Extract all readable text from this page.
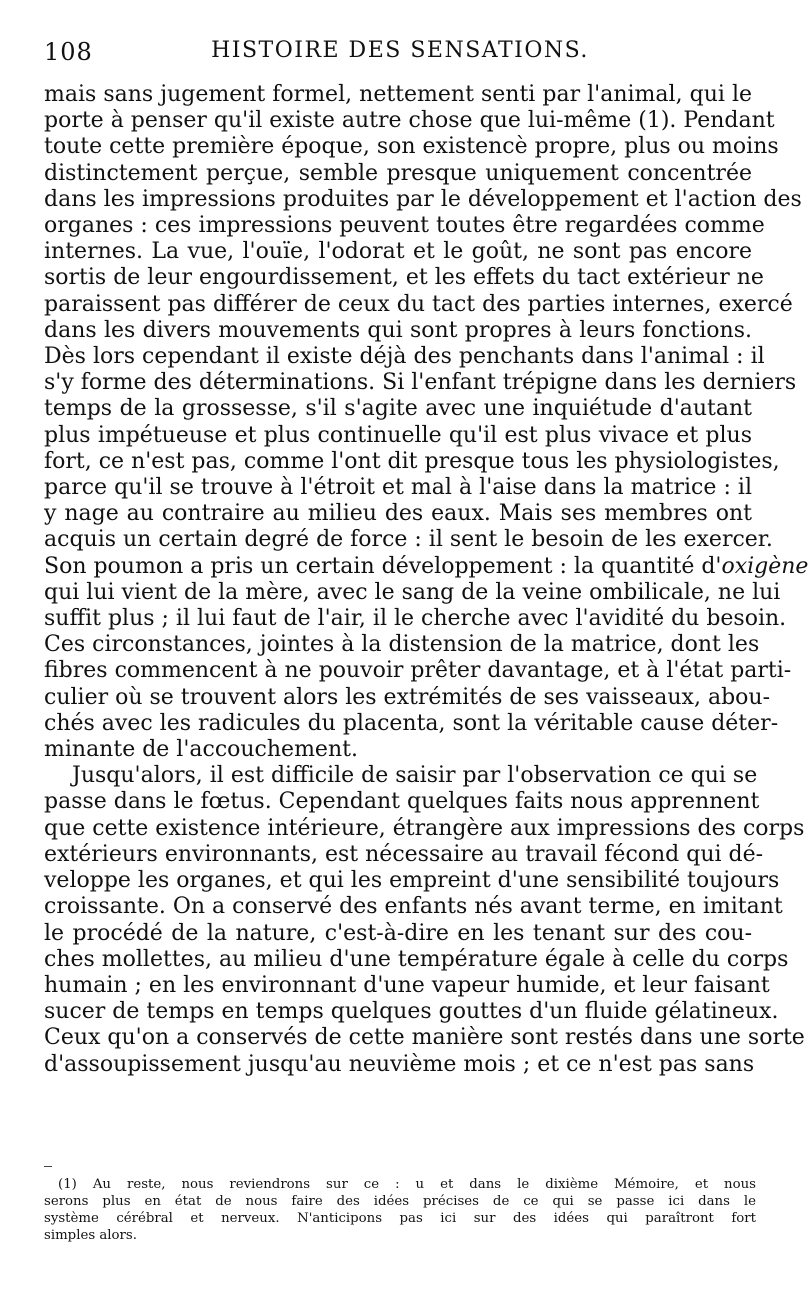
108	HISTOIRE DES SENSATIONS.
mais sans jugement formel, nettement senti par l'animal, qui le
porte à penser qu'il existe autre chose que lui-même (1). Pendant
toute cette première époque, son existencè propre, plus ou moins
distinctement perçue, semble presque uniquement concentrée
dans les impressions produites par le développement et l'action des
organes : ces impressions peuvent toutes être regardées comme
internes. La vue, l'ouïe, l'odorat et le goût, ne sont pas encore
sortis de leur engourdissement, et les effets du tact extérieur ne
paraissent pas différer de ceux du tact des parties internes, exercé
dans les divers mouvements qui sont propres à leurs fonctions.
Dès lors cependant il existe déjà des penchants dans l'animal : il
s'y forme des déterminations. Si l'enfant trépigne dans les derniers
temps de la grossesse, s'il s'agite avec une inquiétude d'autant
plus impétueuse et plus continuelle qu'il est plus vivace et plus
fort, ce n'est pas, comme l'ont dit presque tous les physiologistes,
parce qu'il se trouve à l'étroit et mal à l'aise dans la matrice : il
y nage au contraire au milieu des eaux. Mais ses membres ont
acquis un certain degré de force : il sent le besoin de les exercer.
Son poumon a pris un certain développement : la quantité d'oxigène
qui lui vient de la mère, avec le sang de la veine ombilicale, ne lui
suffit plus ; il lui faut de l'air, il le cherche avec l'avidité du besoin.
Ces circonstances, jointes à la distension de la matrice, dont les
fibres commencent à ne pouvoir prêter davantage, et à l'état parti-
culier où se trouvent alors les extrémités de ses vaisseaux, abou-
chés avec les radicules du placenta, sont la véritable cause déter-
minante de l'accouchement.
Jusqu'alors, il est difficile de saisir par l'observation ce qui se
passe dans le fœtus. Cependant quelques faits nous apprennent
que cette existence intérieure, étrangère aux impressions des corps
extérieurs environnants, est nécessaire au travail fécond qui dé-
veloppe les organes, et qui les empreint d'une sensibilité toujours
croissante. On a conservé des enfants nés avant terme, en imitant
le procédé de la nature, c'est-à-dire en les tenant sur des cou-
ches mollettes, au milieu d'une température égale à celle du corps
humain ; en les environnant d'une vapeur humide, et leur faisant
sucer de temps en temps quelques gouttes d'un fluide gélatineux.
Ceux qu'on a conservés de cette manière sont restés dans une sorte
d'assoupissement jusqu'au neuvième mois ; et ce n'est pas sans
(1) Au reste, nous reviendrons sur ce : u et dans le dixième Mémoire, et nous
serons plus en état de nous faire des idées précises de ce qui se passe ici dans le
système cérébral et nerveux. N'anticipons pas ici sur des idées qui paraîtront fort
simples alors.
